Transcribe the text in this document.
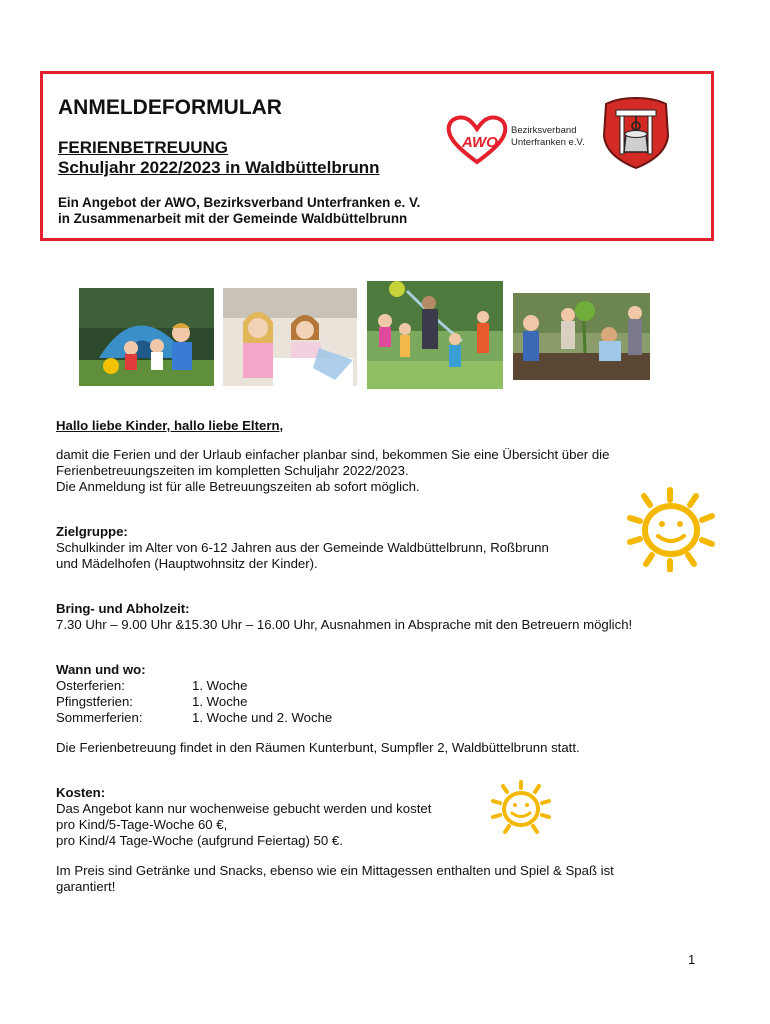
ANMELDEFORMULAR
FERIENBETREUUNG
Schuljahr 2022/2023 in Waldbüttelbrunn
Ein Angebot der AWO, Bezirksverband Unterfranken e. V.
in Zusammenarbeit mit der Gemeinde Waldbüttelbrunn
AWO
Bezirksverband
Unterfranken e.V.
Hallo liebe Kinder, hallo liebe Eltern,
damit die Ferien und der Urlaub einfacher planbar sind, bekommen Sie eine Übersicht über die
Ferienbetreuungszeiten im kompletten Schuljahr 2022/2023.
Die Anmeldung ist für alle Betreuungszeiten ab sofort möglich.
Zielgruppe:
Schulkinder im Alter von 6-12 Jahren aus der Gemeinde Waldbüttelbrunn, Roßbrunn
und Mädelhofen (Hauptwohnsitz der Kinder).
Bring- und Abholzeit:
7.30 Uhr – 9.00 Uhr &15.30 Uhr – 16.00 Uhr, Ausnahmen in Absprache mit den Betreuern möglich!
Wann und wo:
Osterferien:	1. Woche
Pfingstferien:	1. Woche
Sommerferien:	1. Woche und 2. Woche
Die Ferienbetreuung findet in den Räumen Kunterbunt, Sumpfler 2, Waldbüttelbrunn statt.
Kosten:
Das Angebot kann nur wochenweise gebucht werden und kostet
pro Kind/5-Tage-Woche 60 €,
pro Kind/4 Tage-Woche (aufgrund Feiertag) 50 €.
Im Preis sind Getränke und Snacks, ebenso wie ein Mittagessen enthalten und Spiel & Spaß ist
garantiert!
1
